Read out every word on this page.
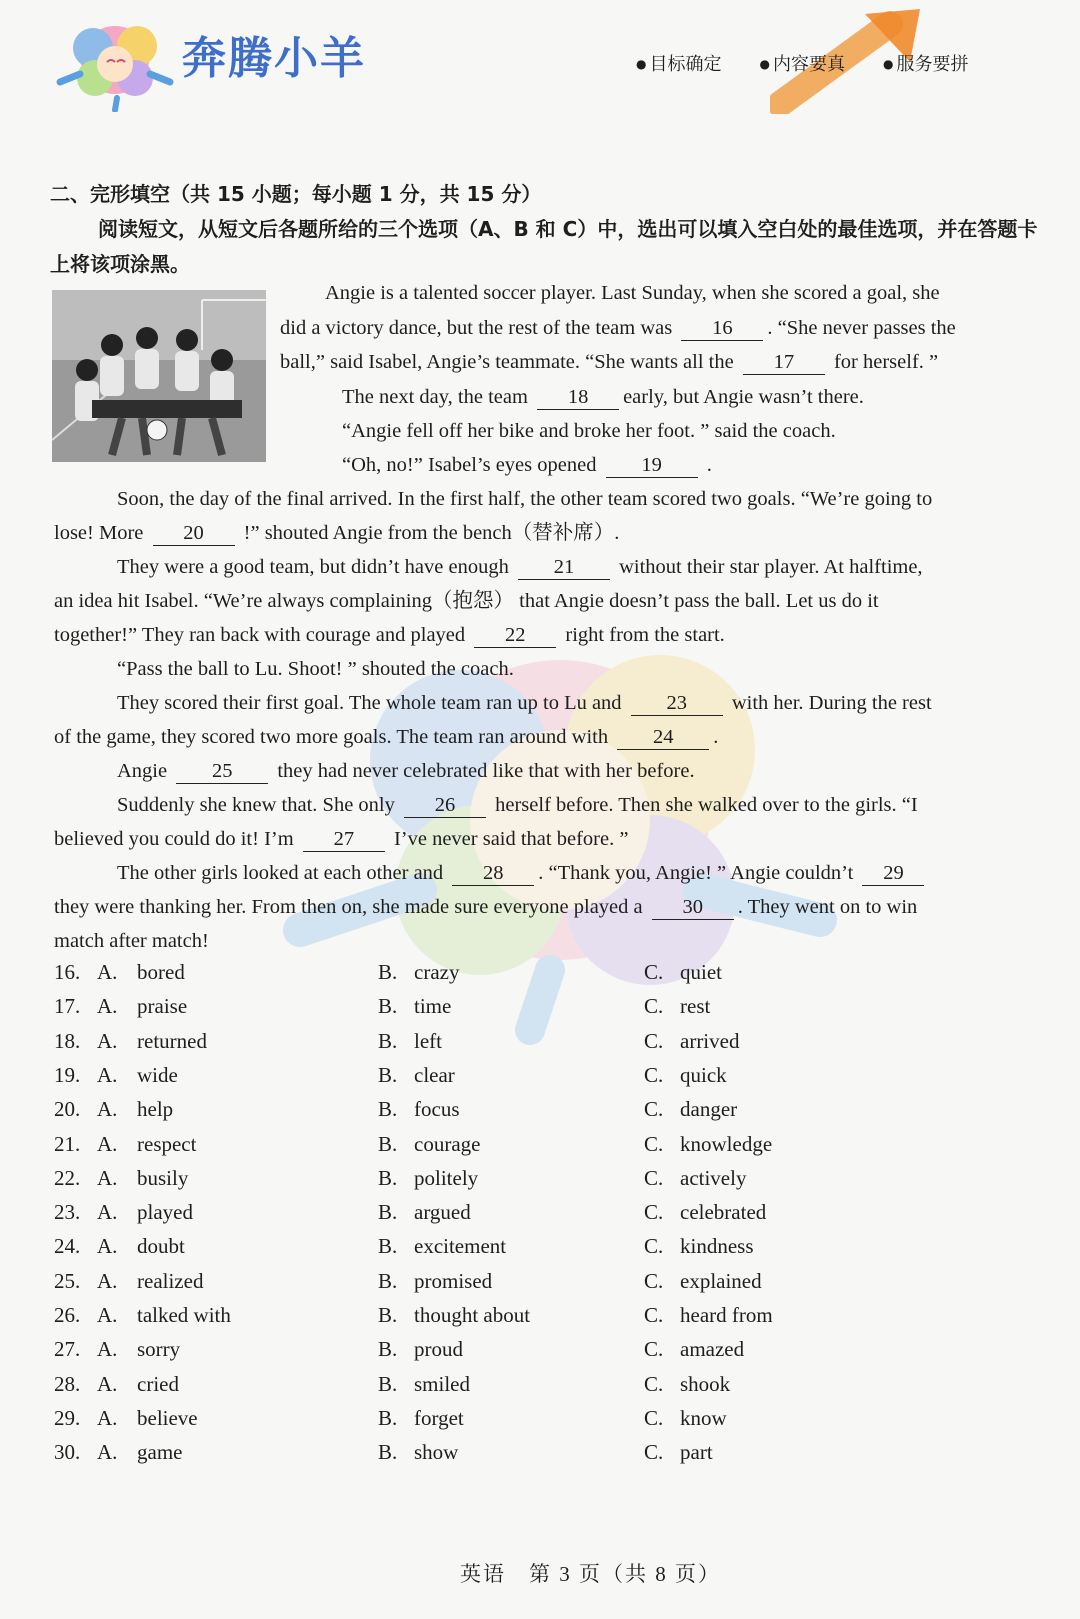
奔腾小羊	● 目标确定	● 内容要真	● 服务要拼
二、完形填空（共 15 小题；每小题 1 分，共 15 分）
阅读短文，从短文后各题所给的三个选项（A、B 和 C）中，选出可以填入空白处的最佳选项，并在答题卡上将该项涂黑。
Angie is a talented soccer player. Last Sunday, when she scored a goal, she
did a victory dance, but the rest of the team was 16 . “She never passes the
ball,” said Isabel, Angie’s teammate. “She wants all the 17 for herself. ”
The next day, the team 18 early, but Angie wasn’t there.
“Angie fell off her bike and broke her foot. ” said the coach.
“Oh, no!” Isabel’s eyes opened 19 .
Soon, the day of the final arrived. In the first half, the other team scored two goals. “We’re going to
lose! More 20 !” shouted Angie from the bench（替补席）.
They were a good team, but didn’t have enough 21 without their star player. At halftime,
an idea hit Isabel. “We’re always complaining（抱怨） that Angie doesn’t pass the ball. Let us do it
together!” They ran back with courage and played 22 right from the start.
“Pass the ball to Lu. Shoot! ” shouted the coach.
They scored their first goal. The whole team ran up to Lu and 23 with her. During the rest
of the game, they scored two more goals. The team ran around with 24 .
Angie 25 they had never celebrated like that with her before.
Suddenly she knew that. She only 26 herself before. Then she walked over to the girls. “I
believed you could do it! I’m 27 I’ve never said that before. ”
The other girls looked at each other and 28 . “Thank you, Angie! ” Angie couldn’t 29
they were thanking her. From then on, she made sure everyone played a 30 . They went on to win
match after match!
16. A. bored	B. crazy	C. quiet
17. A. praise	B. time	C. rest
18. A. returned	B. left	C. arrived
19. A. wide	B. clear	C. quick
20. A. help	B. focus	C. danger
21. A. respect	B. courage	C. knowledge
22. A. busily	B. politely	C. actively
23. A. played	B. argued	C. celebrated
24. A. doubt	B. excitement	C. kindness
25. A. realized	B. promised	C. explained
26. A. talked with	B. thought about	C. heard from
27. A. sorry	B. proud	C. amazed
28. A. cried	B. smiled	C. shook
29. A. believe	B. forget	C. know
30. A. game	B. show	C. part
英语　第 3 页（共 8 页）
